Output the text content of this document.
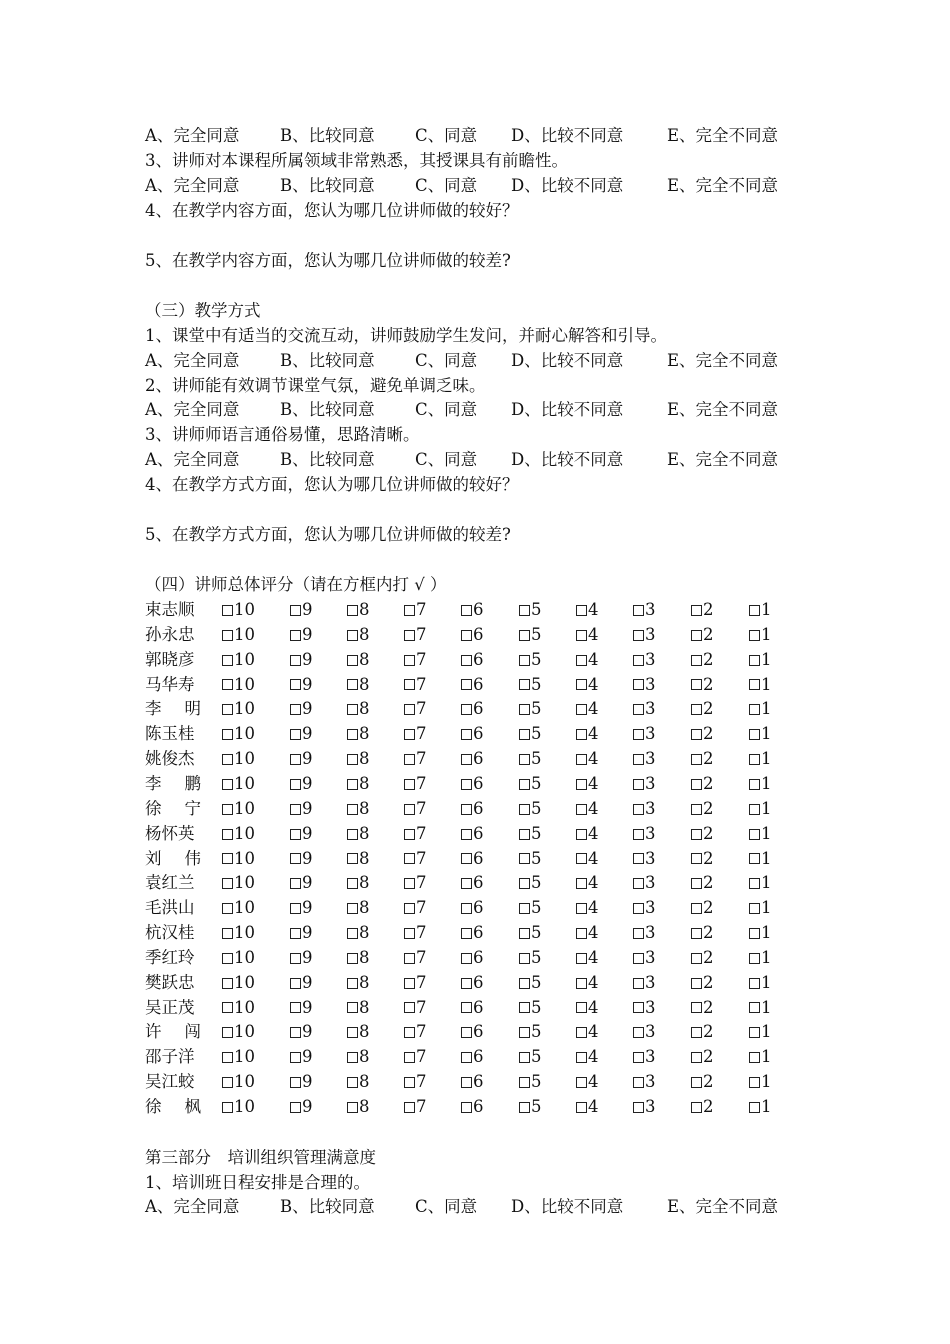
A、完全同意 B、比较同意 C、同意 D、比较不同意	E、完全不同意
3、讲师对本课程所属领域非常熟悉，其授课具有前瞻性。
A、完全同意 B、比较同意 C、同意 D、比较不同意	E、完全不同意
4、在教学内容方面，您认为哪几位讲师做的较好？
5、在教学内容方面，您认为哪几位讲师做的较差?
（三）教学方式
1、课堂中有适当的交流互动，讲师鼓励学生发问，并耐心解答和引导。
A、完全同意 B、比较同意 C、同意 D、比较不同意	E、完全不同意
2、讲师能有效调节课堂气氛，避免单调乏味。
A、完全同意 B、比较同意 C、同意 D、比较不同意	E、完全不同意
3、讲师师语言通俗易懂，思路清晰。
A、完全同意 B、比较同意 C、同意 D、比较不同意	E、完全不同意
4、在教学方式方面，您认为哪几位讲师做的较好？
5、在教学方式方面，您认为哪几位讲师做的较差?
（四）讲师总体评分（请在方框内打 √ ）
束志顺	10	9	8	7	6	5	4	3	2	1
孙永忠	10	9	8	7	6	5	4	3	2	1
郭晓彦	10	9	8	7	6	5	4	3	2	1
马华寿	10	9	8	7	6	5	4	3	2	1
李 明 10	9	8	7	6	5	4	3	2	1
陈玉桂	10	9	8	7	6	5	4	3	2	1
姚俊杰	10	9	8	7	6	5	4	3	2	1
李 鹏 10	9	8	7	6	5	4	3	2	1
徐 宁 10	9	8	7	6	5	4	3	2	1
杨怀英	10	9	8	7	6	5	4	3	2	1
刘 伟 10	9	8	7	6	5	4	3	2	1
袁红兰	10	9	8	7	6	5	4	3	2	1
毛洪山	10	9	8	7	6	5	4	3	2	1
杭汉桂	10	9	8	7	6	5	4	3	2	1
季红玲	10	9	8	7	6	5	4	3	2	1
樊跃忠	10	9	8	7	6	5	4	3	2	1
吴正茂	10	9	8	7	6	5	4	3	2	1
许 闯 10	9	8	7	6	5	4	3	2	1
邵子洋	10	9	8	7	6	5	4	3	2	1
吴江蛟	10	9	8	7	6	5	4	3	2	1
徐 枫 10	9	8	7	6	5	4	3	2	1
第三部分　培训组织管理满意度
1、培训班日程安排是合理的。
A、完全同意 B、比较同意 C、同意 D、比较不同意	E、完全不同意
